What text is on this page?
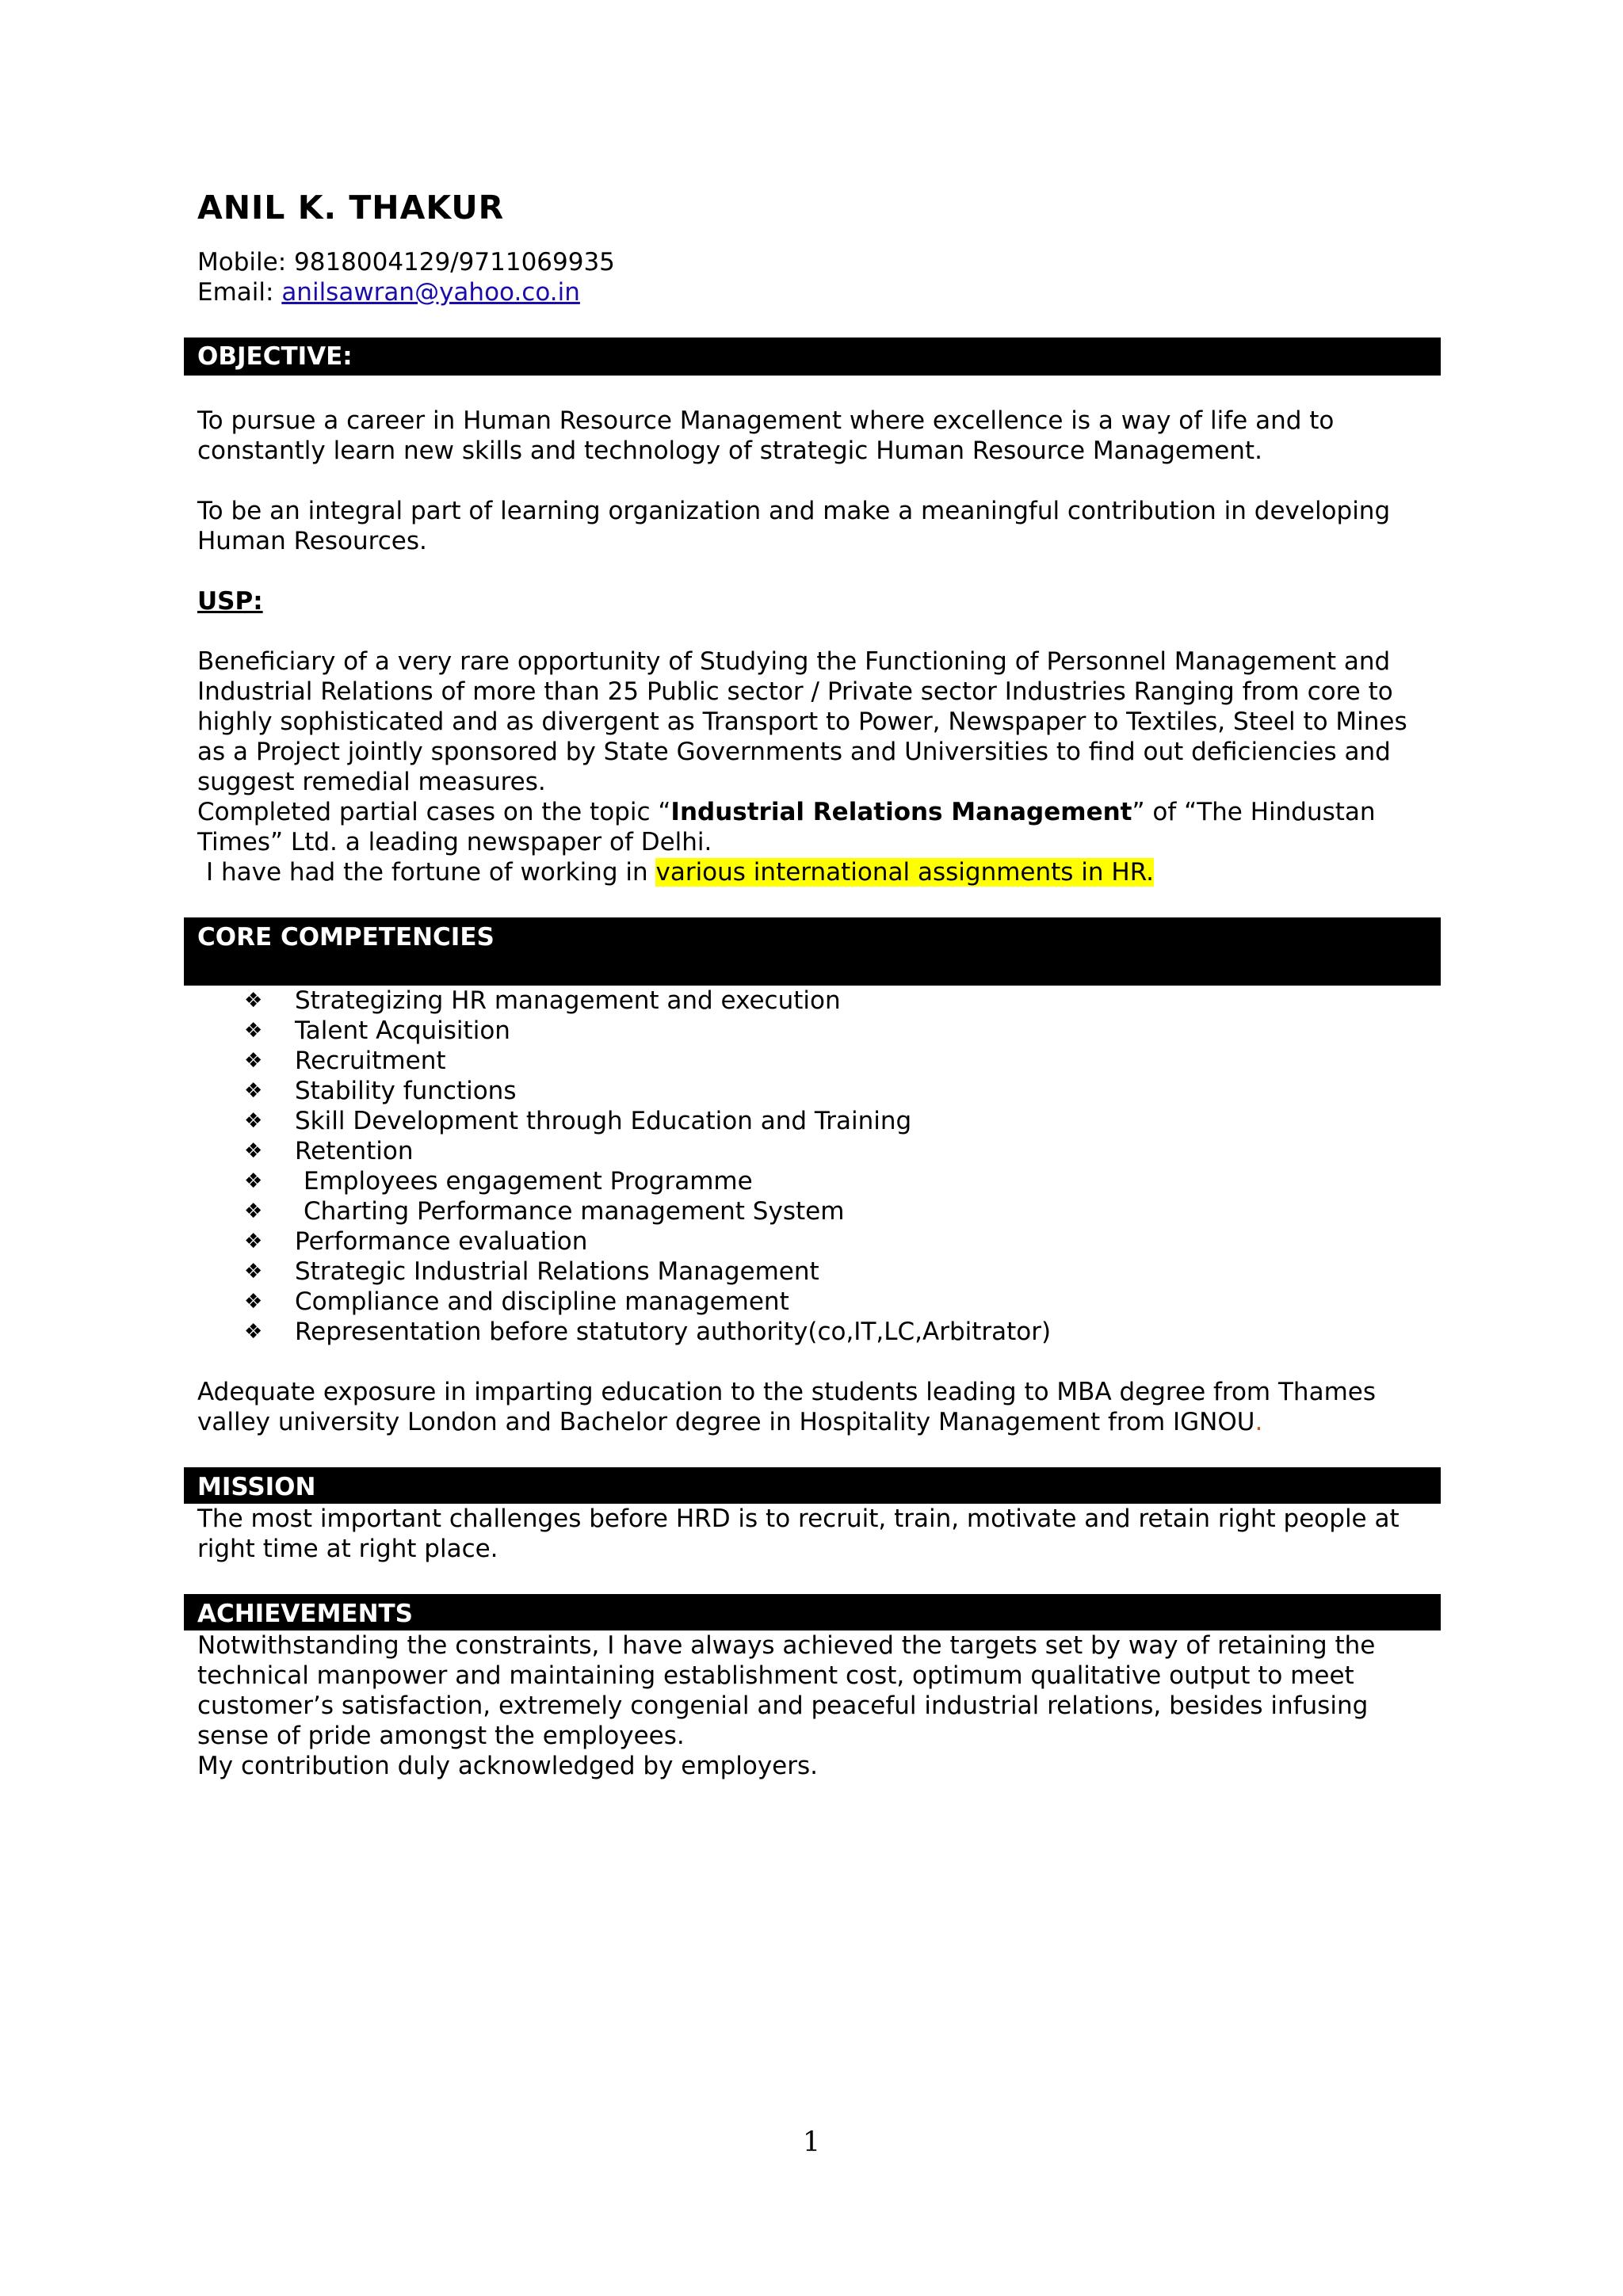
ANIL K. THAKUR
Mobile: 9818004129/9711069935
Email: anilsawran@yahoo.co.in
OBJECTIVE:

To pursue a career in Human Resource Management where excellence is a way of life and to constantly learn new skills and technology of strategic Human Resource Management.

To be an integral part of learning organization and make a meaningful contribution in developing Human Resources.

USP:

Beneficiary of a very rare opportunity of Studying the Functioning of Personnel Management and Industrial Relations of more than 25 Public sector / Private sector Industries Ranging from core to highly sophisticated and as divergent as Transport to Power, Newspaper to Textiles, Steel to Mines as a Project jointly sponsored by State Governments and Universities to find out deficiencies and suggest remedial measures.

Completed partial cases on the topic “Industrial Relations Management” of “The Hindustan Times” Ltd. a leading newspaper of Delhi.

I have had the fortune of working in various international assignments in HR.

CORE COMPETENCIES
❖ Strategizing HR management and execution
❖ Talent Acquisition
❖ Recruitment
❖ Stability functions
❖ Skill Development through Education and Training
❖ Retention
❖ Employees engagement Programme
❖ Charting Performance management System
❖ Performance evaluation
❖ Strategic Industrial Relations Management
❖ Compliance and discipline management
❖ Representation before statutory authority(co,IT,LC,Arbitrator)

Adequate exposure in imparting education to the students leading to MBA degree from Thames valley university London and Bachelor degree in Hospitality Management from IGNOU.

MISSION

The most important challenges before HRD is to recruit, train, motivate and retain right people at right time at right place.

ACHIEVEMENTS

Notwithstanding the constraints, I have always achieved the targets set by way of retaining the technical manpower and maintaining establishment cost, optimum qualitative output to meet customer’s satisfaction, extremely congenial and peaceful industrial relations, besides infusing sense of pride amongst the employees.

My contribution duly acknowledged by employers.

1
